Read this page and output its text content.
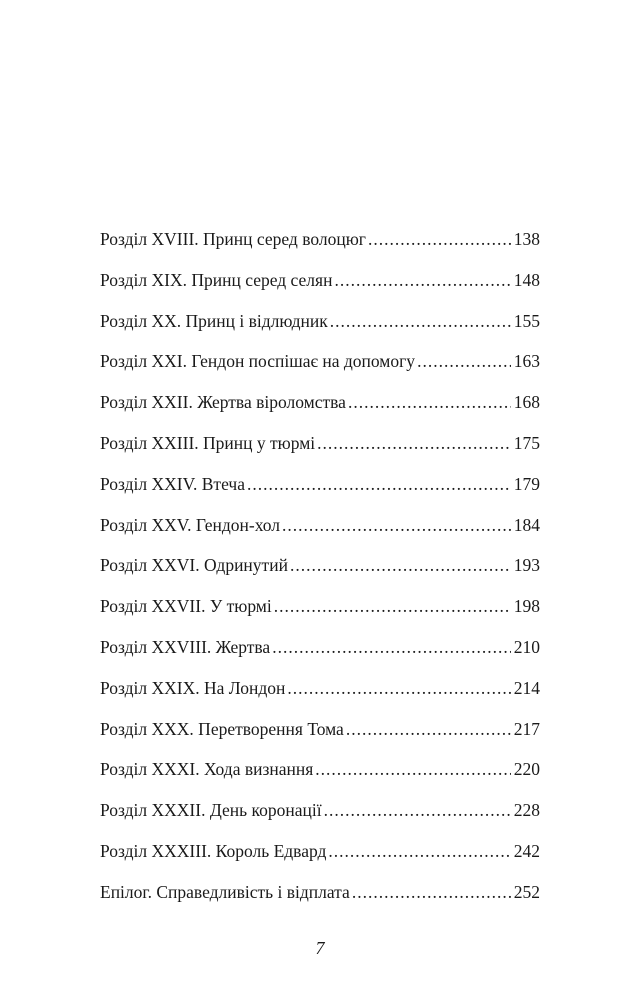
Розділ XVIII. Принц серед волоцюг .....	138
Розділ XIX. Принц серед селян .....	148
Розділ XX. Принц і відлюдник .....	155
Розділ XXI. Гендон поспішає на допомогу .....	163
Розділ XXII. Жертва віроломства .....	168
Розділ XXIII. Принц у тюрмі .....	175
Розділ XXIV. Втеча .....	179
Розділ XXV. Гендон-хол .....	184
Розділ XXVI. Одринутий .....	193
Розділ XXVII. У тюрмі .....	198
Розділ XXVIII. Жертва .....	210
Розділ XXIX. На Лондон .....	214
Розділ XXX. Перетворення Тома .....	217
Розділ XXXI. Хода визнання .....	220
Розділ XXXII. День коронації .....	228
Розділ XXXIII. Король Едвард .....	242
Епілог. Справедливість і відплата .....	252
7
